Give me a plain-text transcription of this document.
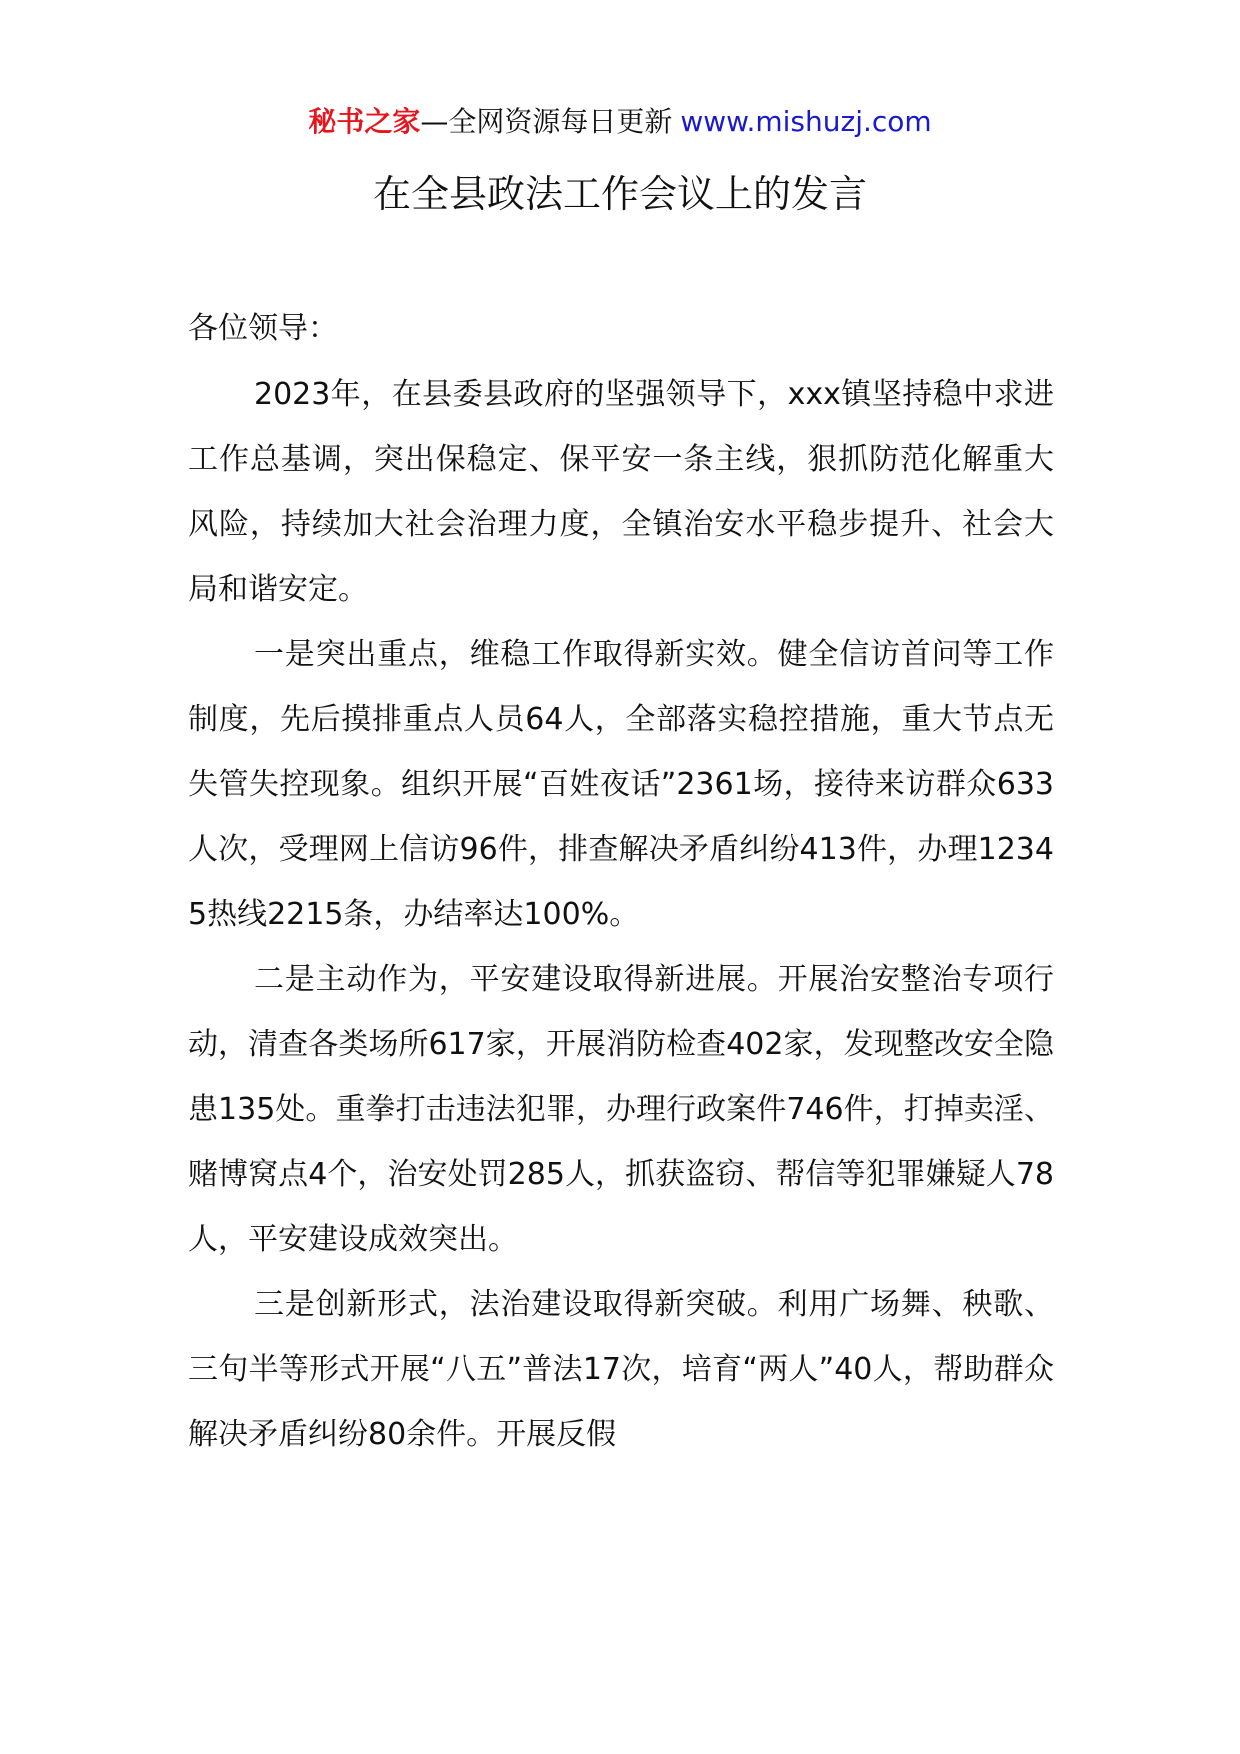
秘书之家—全网资源每日更新 www.mishuzj.com
在全县政法工作会议上的发言

各位领导：

2023年，在县委县政府的坚强领导下，xxx镇坚持稳中求进工作总基调，突出保稳定、保平安一条主线，狠抓防范化解重大风险，持续加大社会治理力度，全镇治安水平稳步提升、社会大局和谐安定。

一是突出重点，维稳工作取得新实效。健全信访首问等工作制度，先后摸排重点人员64人，全部落实稳控措施，重大节点无失管失控现象。组织开展“百姓夜话”2361场，接待来访群众633人次，受理网上信访96件，排查解决矛盾纠纷413件，办理12345热线2215条，办结率达100%。

二是主动作为，平安建设取得新进展。开展治安整治专项行动，清查各类场所617家，开展消防检查402家，发现整改安全隐患135处。重拳打击违法犯罪，办理行政案件746件，打掉卖淫、赌博窝点4个，治安处罚285人，抓获盗窃、帮信等犯罪嫌疑人78人，平安建设成效突出。

三是创新形式，法治建设取得新突破。利用广场舞、秧歌、三句半等形式开展“八五”普法17次，培育“两人”40人，帮助群众解决矛盾纠纷80余件。开展反假
